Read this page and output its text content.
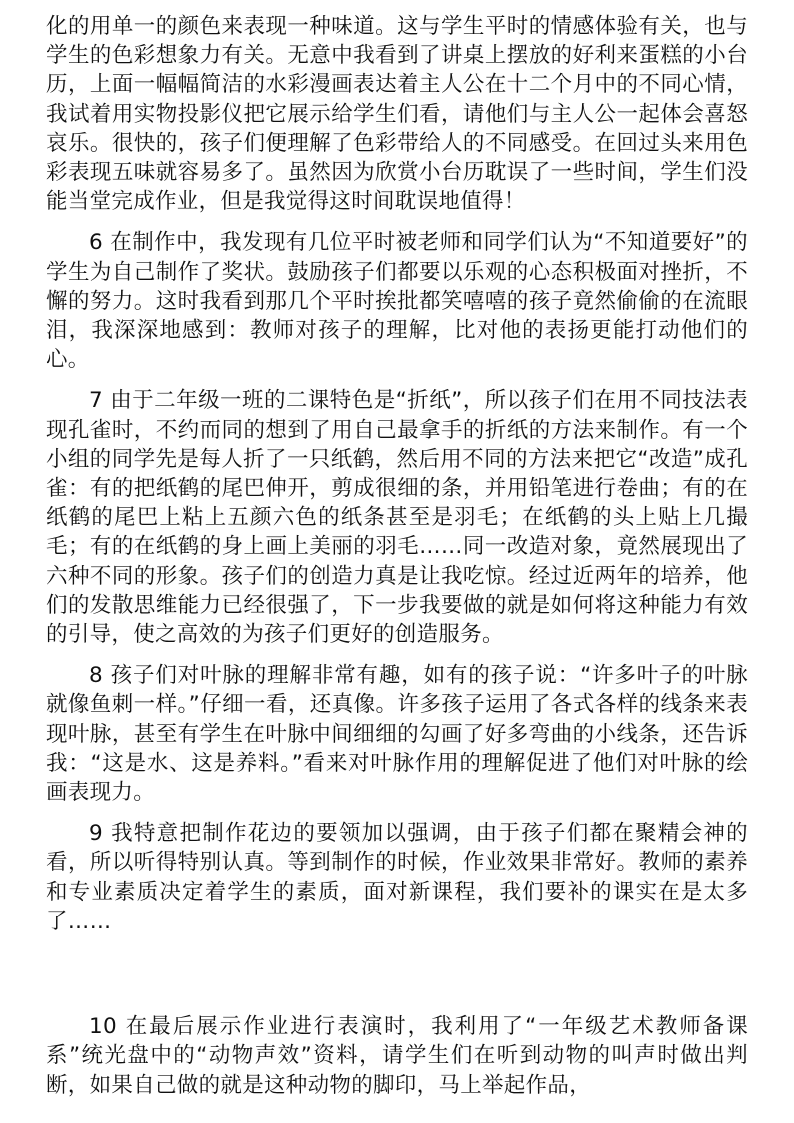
化的用单一的颜色来表现一种味道。这与学生平时的情感体验有关，也与学生的色彩想象力有关。无意中我看到了讲桌上摆放的好利来蛋糕的小台历，上面一幅幅简洁的水彩漫画表达着主人公在十二个月中的不同心情，我试着用实物投影仪把它展示给学生们看，请他们与主人公一起体会喜怒哀乐。很快的，孩子们便理解了色彩带给人的不同感受。在回过头来用色彩表现五味就容易多了。虽然因为欣赏小台历耽误了一些时间，学生们没能当堂完成作业，但是我觉得这时间耽误地值得！

6 在制作中，我发现有几位平时被老师和同学们认为“不知道要好”的学生为自己制作了奖状。鼓励孩子们都要以乐观的心态积极面对挫折，不懈的努力。这时我看到那几个平时挨批都笑嘻嘻的孩子竟然偷偷的在流眼泪，我深深地感到：教师对孩子的理解，比对他的表扬更能打动他们的心。

7 由于二年级一班的二课特色是“折纸”，所以孩子们在用不同技法表现孔雀时，不约而同的想到了用自己最拿手的折纸的方法来制作。有一个小组的同学先是每人折了一只纸鹤，然后用不同的方法来把它“改造”成孔雀：有的把纸鹤的尾巴伸开，剪成很细的条，并用铅笔进行卷曲；有的在纸鹤的尾巴上粘上五颜六色的纸条甚至是羽毛；在纸鹤的头上贴上几撮毛；有的在纸鹤的身上画上美丽的羽毛……同一改造对象，竟然展现出了六种不同的形象。孩子们的创造力真是让我吃惊。经过近两年的培养，他们的发散思维能力已经很强了，下一步我要做的就是如何将这种能力有效的引导，使之高效的为孩子们更好的创造服务。

8 孩子们对叶脉的理解非常有趣，如有的孩子说：“许多叶子的叶脉就像鱼刺一样。”仔细一看，还真像。许多孩子运用了各式各样的线条来表现叶脉，甚至有学生在叶脉中间细细的勾画了好多弯曲的小线条，还告诉我：“这是水、这是养料。”看来对叶脉作用的理解促进了他们对叶脉的绘画表现力。

9 我特意把制作花边的要领加以强调，由于孩子们都在聚精会神的看，所以听得特别认真。等到制作的时候，作业效果非常好。教师的素养和专业素质决定着学生的素质，面对新课程，我们要补的课实在是太多了……

10 在最后展示作业进行表演时，我利用了“一年级艺术教师备课系”统光盘中的“动物声效”资料，请学生们在听到动物的叫声时做出判断，如果自己做的就是这种动物的脚印，马上举起作品，
